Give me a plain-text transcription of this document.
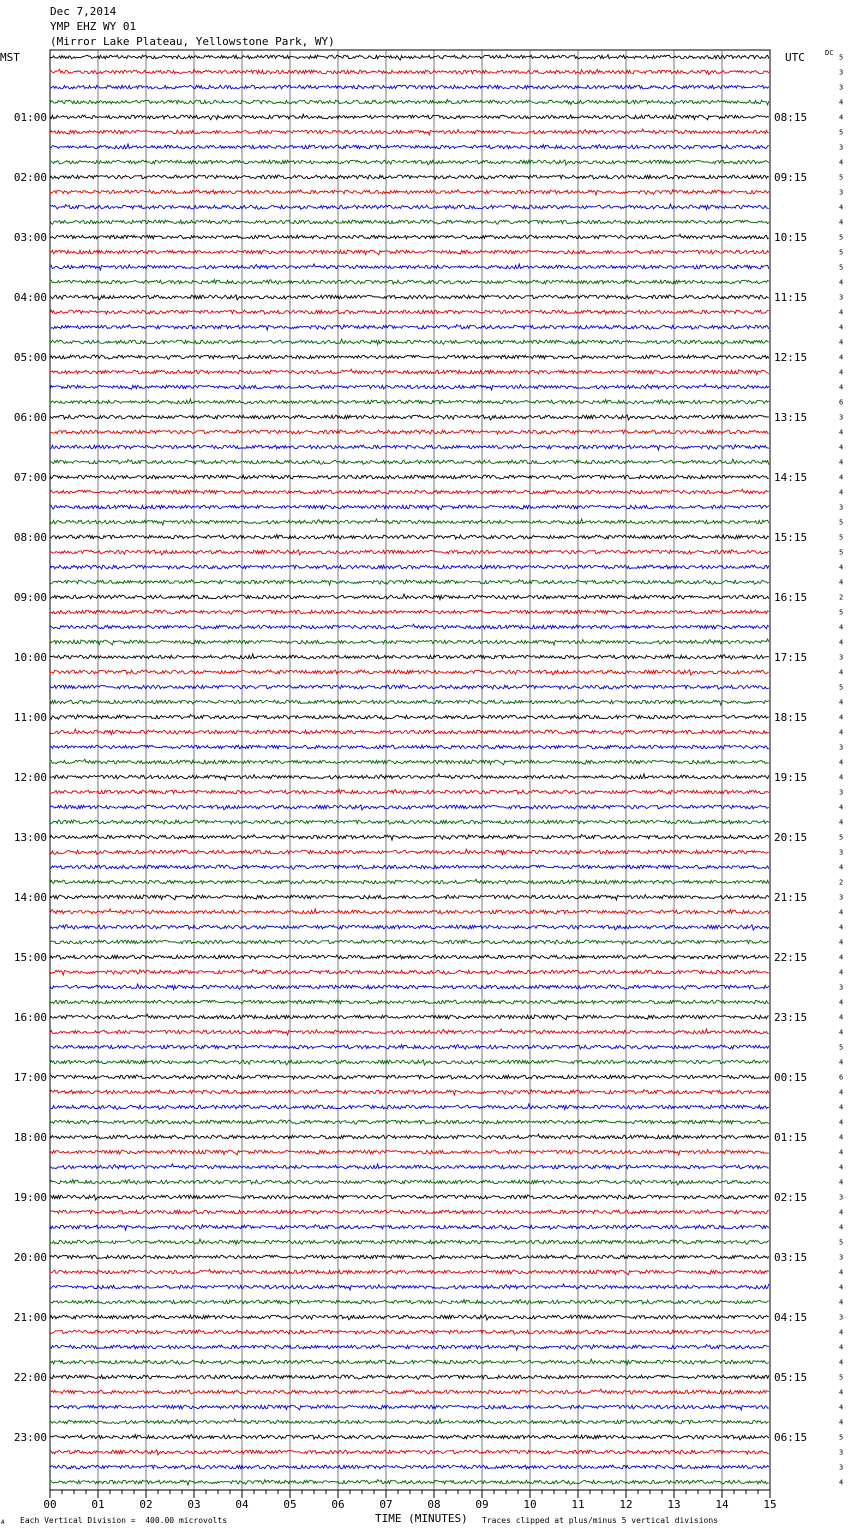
Dec 7,2014
YMP EHZ WY 01
(Mirror Lake Plateau, Yellowstone Park, WY)
MST	UTC	DC
5
3
3
4
4
5
3
4
5
3
4
4
5
5
5
4
3
4
4
4
4
4
4
6
3
4
4
4
4
4
3
5
5
5
4
4
2
5
4
4
3
4
5
4
4
4
3
4
4
3
4
4
5
3
4
2
3
4
4
4
4
4
3
4
4
4
5
4
6
4
4
4
4
4
4
4
3
4
4
5
3
4
4
4
3
4
4
4
5
4
4
4
5
3
3
4
01:00	08:15
02:00	09:15
03:00	10:15
04:00	11:15
05:00	12:15
06:00	13:15
07:00	14:15
08:00	15:15
09:00	16:15
10:00	17:15
11:00	18:15
12:00	19:15
13:00	20:15
14:00	21:15
15:00	22:15
16:00	23:15
17:00	00:15
18:00	01:15
19:00	02:15
20:00	03:15
21:00	04:15
22:00	05:15
23:00	06:15
00	01	02	03	04	05	06	07	08	09	10	11	12	13	14	15
A Each Vertical Division =  400.00 microvolts	TIME (MINUTES) Traces clipped at plus/minus 5 vertical divisions
